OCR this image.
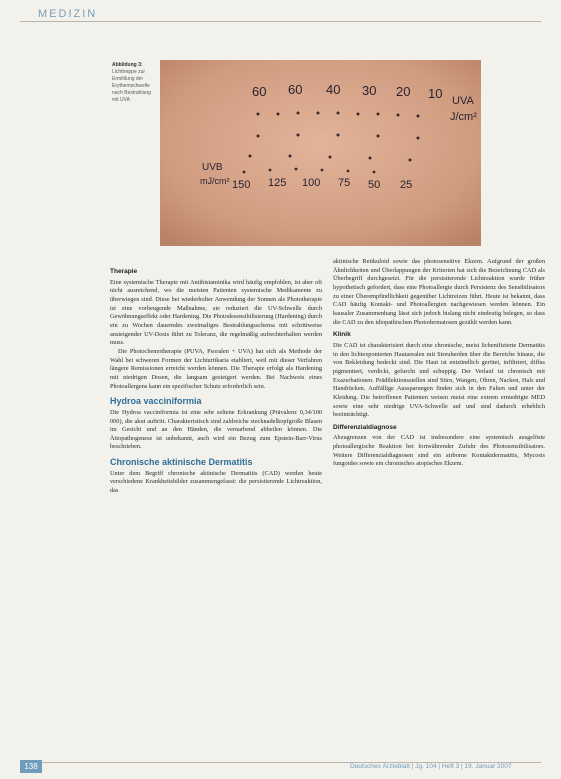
MEDIZIN
Abbildung 3: Lichttreppe zur Ermittlung der Erythemschwelle nach Bestrahlung mit UVA
60 60 40 30 20 10 UVA
J/cm²
UVB
mJ/cm² 150 125 100 75 50 25
Therapie

Eine systemische Therapie mit Antihistaminika wird häufig empfohlen, ist aber oft nicht ausreichend, wo die meisten Patienten systemische Medikamente zu überwiegen sind. Diese bei wiederholter Anwendung der Sonnen als Phototherapie ist eine vorbeugende Maßnahme, sie reduziert die UV-Schwelle durch Gewöhnungseffekt oder Hardening. Die Photodesensibilisierung (Hardening) durch ein zu Wochen dauerndes zweimaliges Bestrahlungsschema mit schrittweise ansteigender UV-Dosis führt zu Toleranz, die regelmäßig aufrechterhalten werden muss.

Die Photochemotherapie (PUVA, Psoralen + UVA) hat sich als Methode der Wahl bei schweren Formen der Lichturtikaria etabliert, weil mit dieser Verfahren längere Remissionen erreicht werden können. Die Therapie erfolgt als Hardening mit niedrigen Dosen, die langsam gesteigert werden. Bei Nachweis eines Photoallergens kann ein spezifischer Schutz erforderlich sein.

Hydroa vacciniformia

Die Hydroa vacciniformia ist eine sehr seltene Erkrankung (Prävalenz 0,34/100 000), die akut auftritt. Charakteristisch sind zahlreiche stecknadelkopfgroße Blasen im Gesicht und an den Händen, die vernarbend abheilen können. Die Ätiopathogenese ist unbekannt, auch wird ein Bezug zum Epstein-Barr-Virus beschrieben.

Chronische aktinische Dermatitis

Unter dem Begriff chronische aktinische Dermatitis (CAD) werden heute verschiedene Krankheitsbilder zusammengefasst: die persistierende Lichtreaktion, das

aktinische Retikuloid sowie das photosensitive Ekzem. Aufgrund der großen Ähnlichkeiten und Überlappungen der Kriterien hat sich die Bezeichnung CAD als Überbegriff durchgesetzt. Für die persistierende Lichtreaktion wurde früher hypothetisch gefordert, dass eine Photoallergie durch Persistenz des Sensibilisators zu einer Überempfindlichkeit gegenüber Lichtreizen führt. Heute ist bekannt, dass CAD häufig Kontakt- und Photoallergien nachgewiesen werden können. Ein kausaler Zusammenhang lässt sich jedoch bislang nicht eindeutig belegen, so dass die CAD zu den idiopathischen Photodermatosen gezählt werden kann.

Klinik

Die CAD ist charakterisiert durch eine chronische, meist lichenifizierte Dermatitis in den lichtexponierten Hautarealen mit Streuherden über die Bereiche hinaus, die von Bekleidung bedeckt sind. Die Haut ist entzündlich gerötet, infiltriert, diffus pigmentiert, verdickt, gefurcht und schuppig. Der Verlauf ist chronisch mit Exazerbationen. Prädilektionsstellen sind Stirn, Wangen, Ohren, Nacken, Hals und Handrücken. Auffällige Aussparungen finden sich in den Falten und unter der Kleidung. Die betroffenen Patienten weisen meist eine extrem erniedrigte MED sowie eine sehr niedrige UVA-Schwelle auf und sind dadurch erheblich beeinträchtigt.

Differenzialdiagnose

Abzugrenzen von der CAD ist insbesondere eine systemisch ausgelöste photoallergische Reaktion bei fortwährender Zufuhr des Photosensibilisators. Weitere Differenzialdiagnosen sind ein airborne Kontaktdermatitis, Mycosis fungoides sowie ein chronisches atopisches Ekzem.

138	Deutsches Ärzteblatt | Jg. 104 | Heft 3 | 19. Januar 2007
